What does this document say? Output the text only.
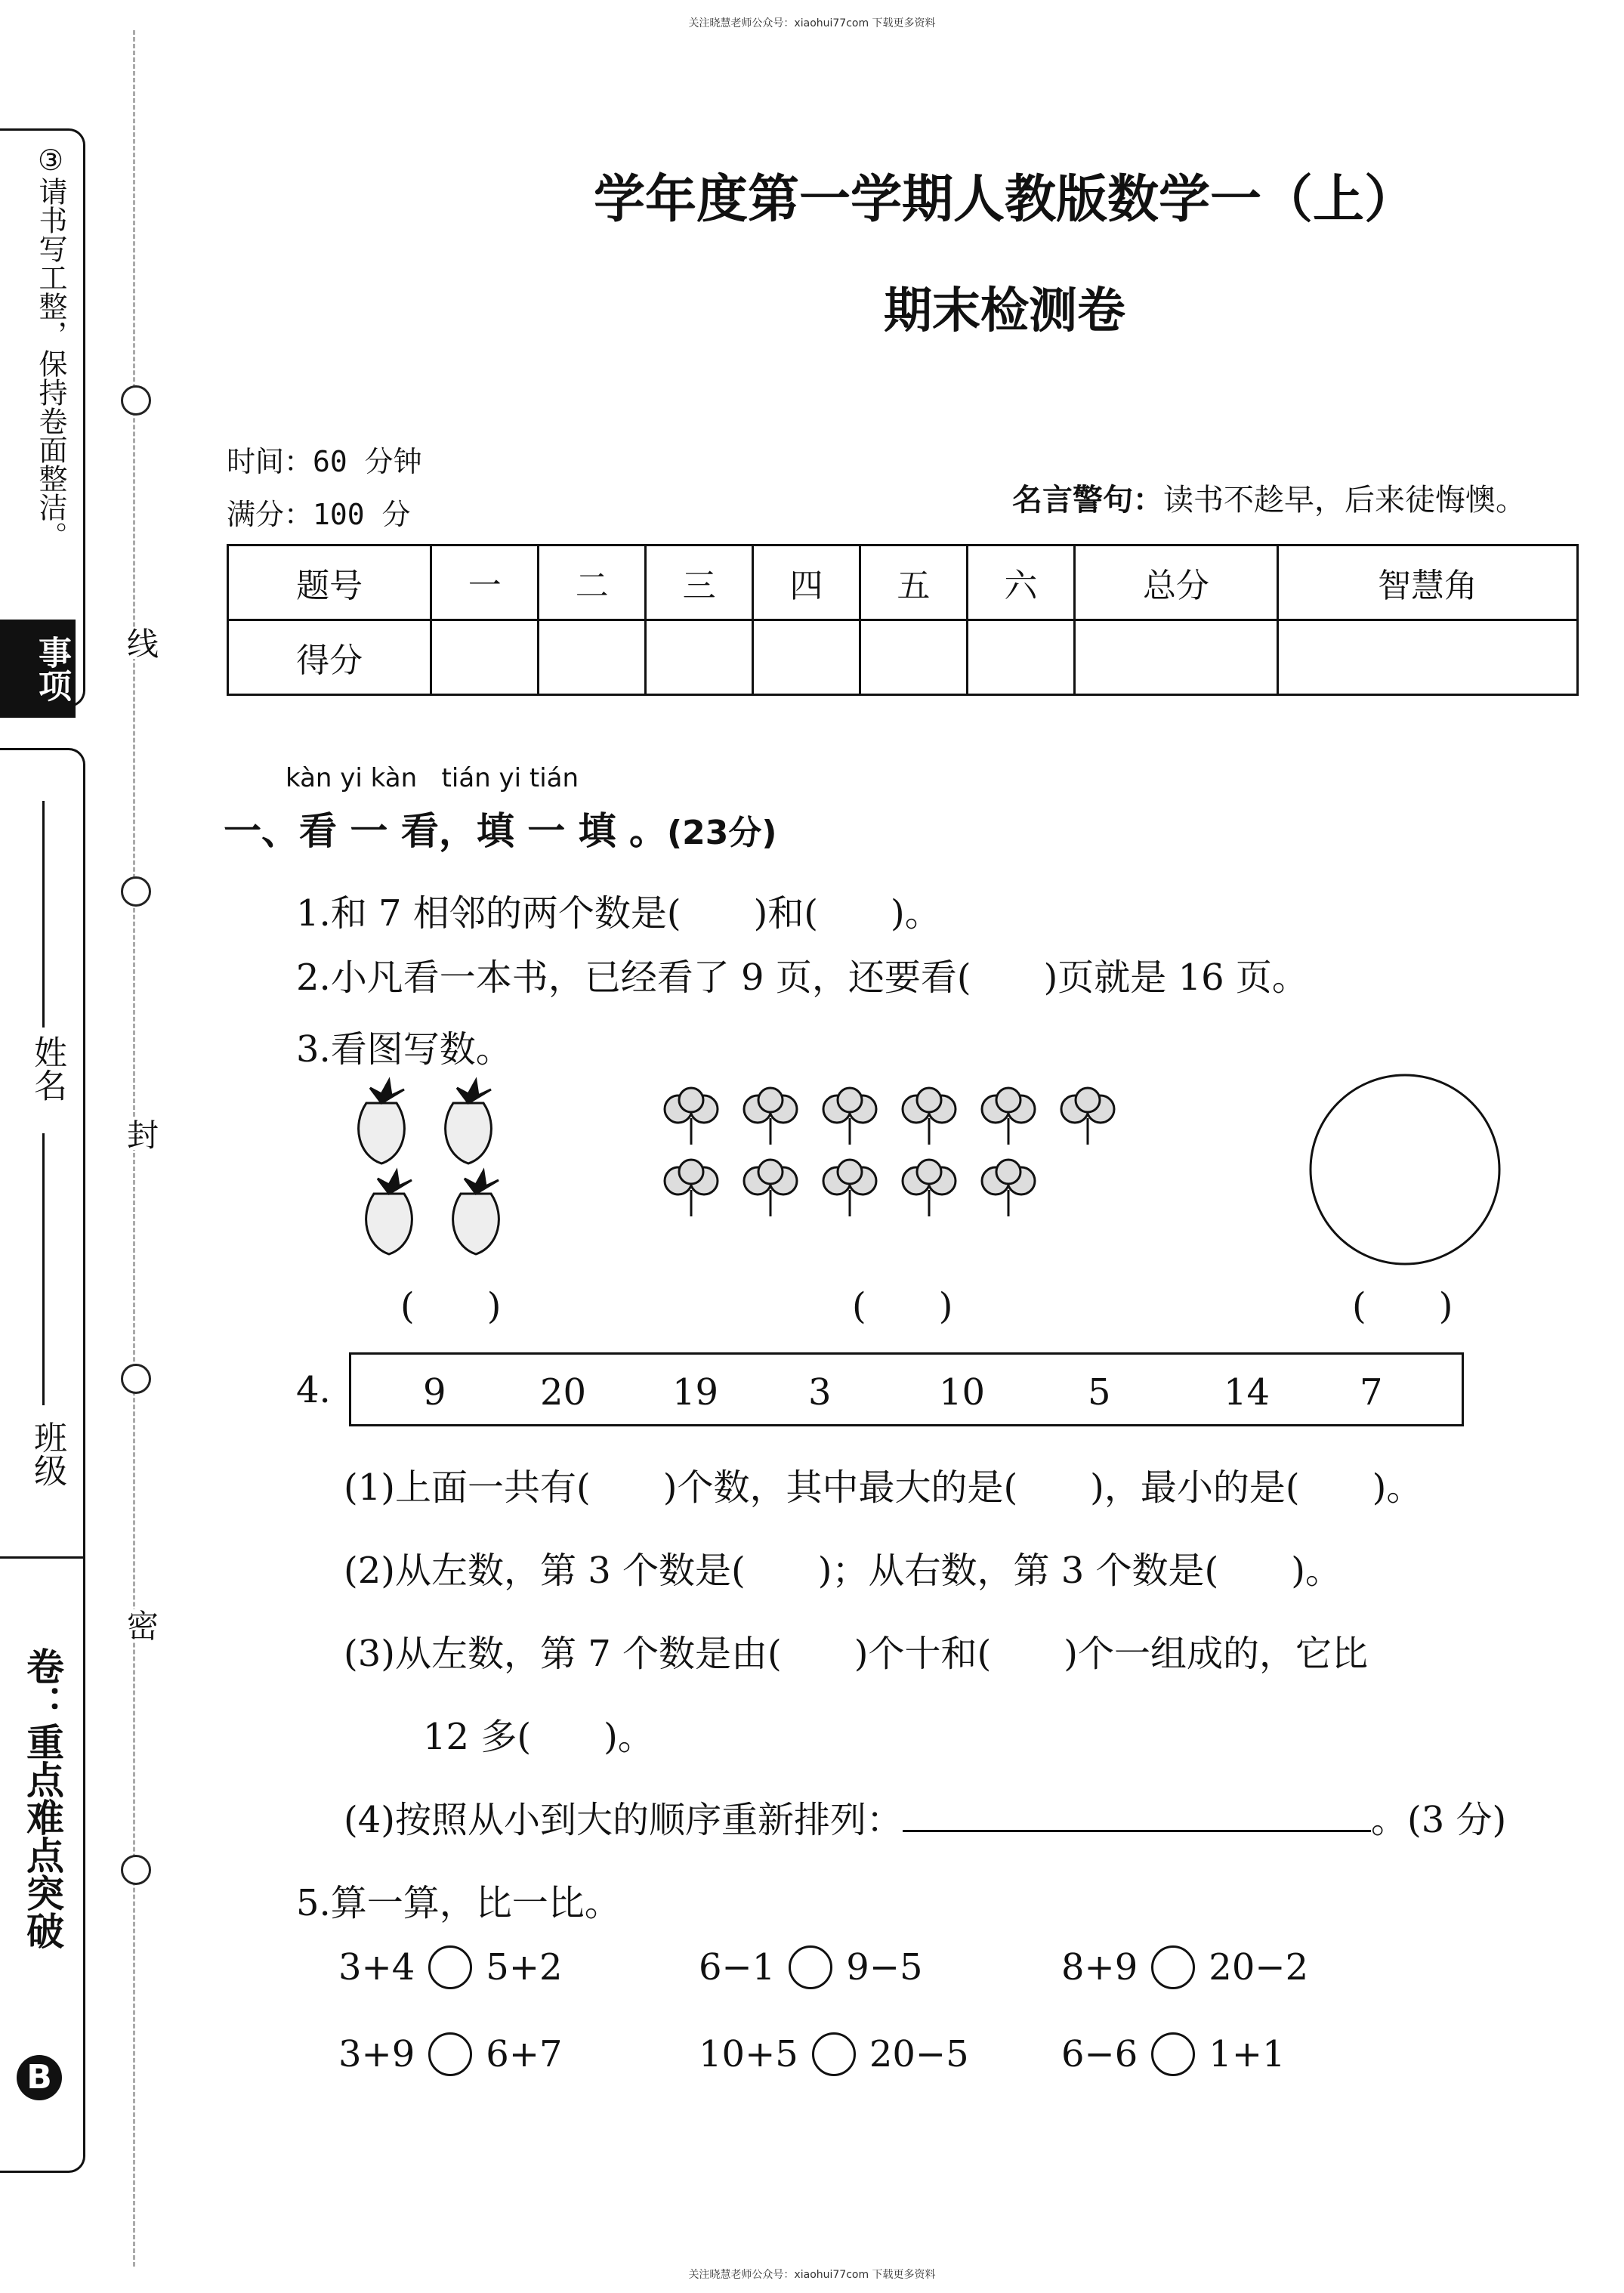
关注晓慧老师公众号：xiaohui77com 下载更多资料
关注晓慧老师公众号：xiaohui77com 下载更多资料
③请书写工整，保持卷面整洁。
事项
姓名
班级
卷：重点难点突破
B
线
封
密
学年度第一学期人教版数学一（上）
期末检测卷
时间：60 分钟
满分：100 分	名言警句：读书不趁早，后来徒悔懊。
题号	一	二	三	四	五	六	总分	智慧角
得分								
kàn yi kàn   tián yi tián
一、看 一 看，填 一 填 。(23分)
1.和 7 相邻的两个数是(　　)和(　　)。
2.小凡看一本书，已经看了 9 页，还要看(　　)页就是 16 页。
3.看图写数。
(　　)	(　　)	(　　)
4.	9	20 19 3	10	5	14 7
(1)上面一共有(　　)个数，其中最大的是(　　)，最小的是(　　)。
(2)从左数，第 3 个数是(　　)；从右数，第 3 个数是(　　)。
(3)从左数，第 7 个数是由(　　)个十和(　　)个一组成的，它比
12 多(　　)。
(4)按照从小到大的顺序重新排列：	。(3 分)
5.算一算，比一比。
3+4 5+2	6−1 9−5	8+9 20−2
3+9 6+7	10+5 20−5	6−6 1+1
